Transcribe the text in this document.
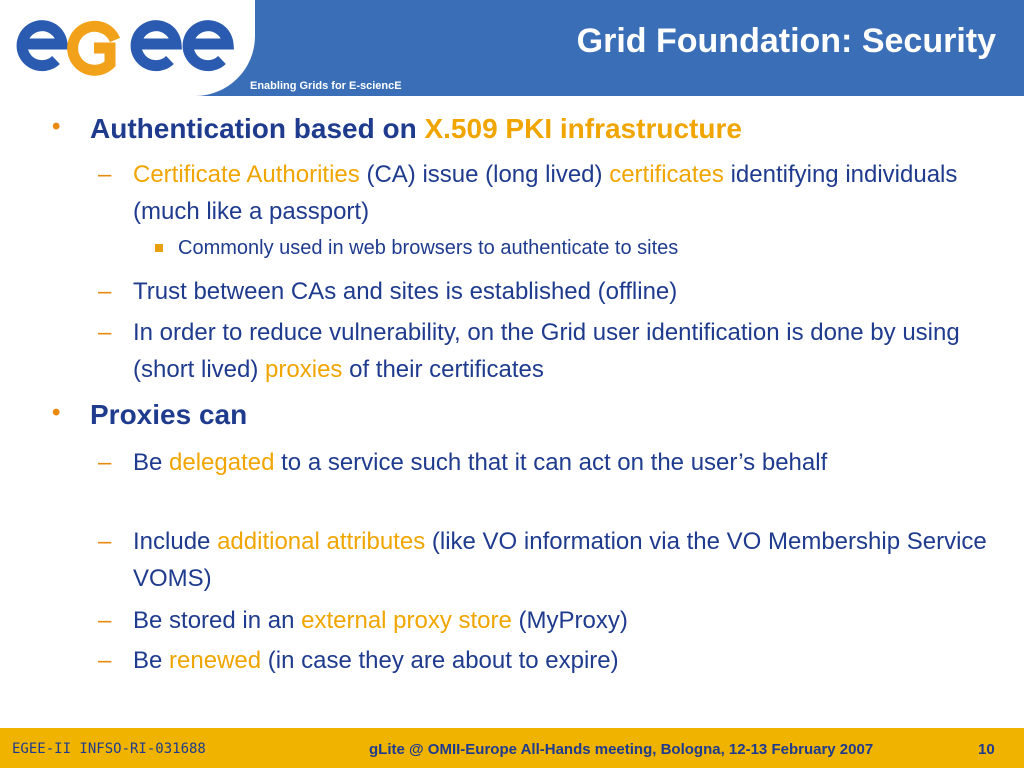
Grid Foundation: Security
Enabling Grids for E-sciencE
• Authentication based on X.509 PKI infrastructure
– Certificate Authorities (CA) issue (long lived) certificates identifying individuals (much like a passport)
Commonly used in web browsers to authenticate to sites
– Trust between CAs and sites is established (offline)
– In order to reduce vulnerability, on the Grid user identification is done by using (short lived) proxies of their certificates
• Proxies can
– Be delegated to a service such that it can act on the user’s behalf
– Include additional attributes (like VO information via the VO Membership Service VOMS)
– Be stored in an external proxy store (MyProxy)
– Be renewed (in case they are about to expire)
EGEE-II INFSO-RI-031688	gLite @ OMII-Europe All-Hands meeting, Bologna, 12-13 February 2007	10
